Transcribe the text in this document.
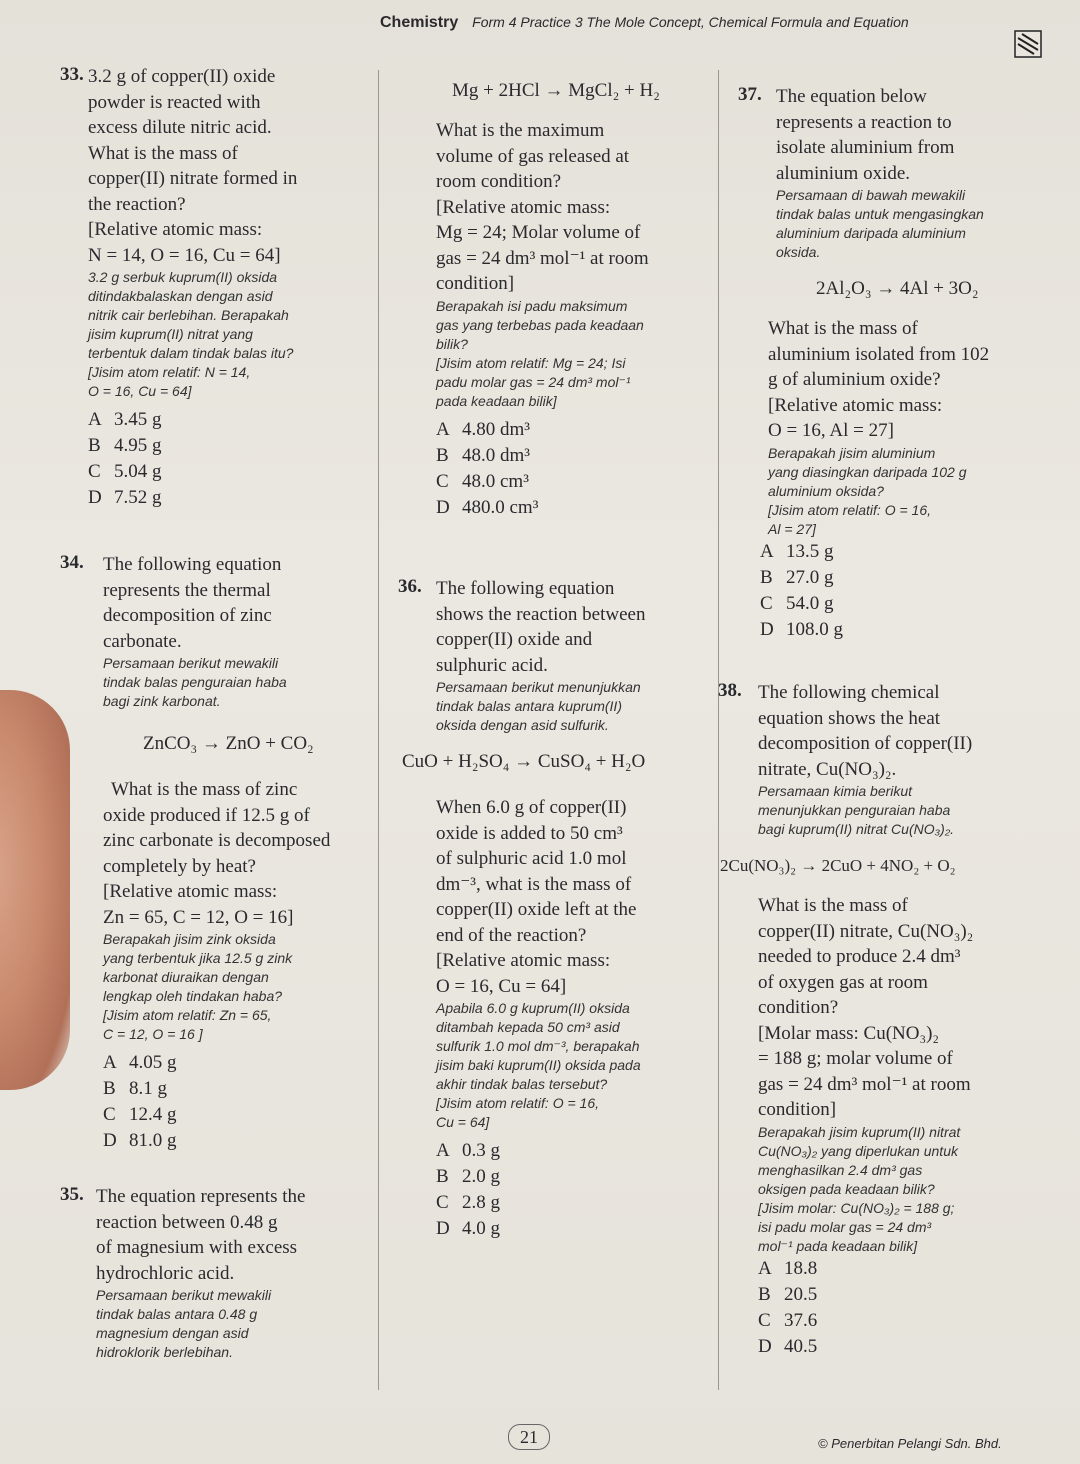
Chemistry Form 4 Practice 3 The Mole Concept, Chemical Formula and Equation
33. 3.2 g of copper(II) oxide

powder is reacted with

excess dilute nitric acid.

What is the mass of

copper(II) nitrate formed in

the reaction?

[Relative atomic mass:

N = 14, O = 16, Cu = 64]

3.2 g serbuk kuprum(II) oksida

ditindakbalaskan dengan asid

nitrik cair berlebihan. Berapakah

jisim kuprum(II) nitrat yang

terbentuk dalam tindak balas itu?

[Jisim atom relatif: N = 14,

O = 16, Cu = 64]

A 3.45 g

B 4.95 g

C 5.04 g

D 7.52 g

34. The following equation

represents the thermal

decomposition of zinc

carbonate.

Persamaan berikut mewakili

tindak balas penguraian haba

bagi zink karbonat.

ZnCO₃ → ZnO + CO₂

What is the mass of zinc

oxide produced if 12.5 g of

zinc carbonate is decomposed

completely by heat?

[Relative atomic mass:

Zn = 65, C = 12, O = 16]

Berapakah jisim zink oksida

yang terbentuk jika 12.5 g zink

karbonat diuraikan dengan

lengkap oleh tindakan haba?

[Jisim atom relatif: Zn = 65,

C = 12, O = 16 ]

A 4.05 g

B 8.1 g

C 12.4 g

D 81.0 g

35. The equation represents the

reaction between 0.48 g

of magnesium with excess

hydrochloric acid.

Persamaan berikut mewakili

tindak balas antara 0.48 g

magnesium dengan asid

hidroklorik berlebihan.

Mg + 2HCl → MgCl₂ + H₂

What is the maximum

volume of gas released at

room condition?

[Relative atomic mass:

Mg = 24; Molar volume of

gas = 24 dm³ mol⁻¹ at room

condition]

Berapakah isi padu maksimum

gas yang terbebas pada keadaan

bilik?

[Jisim atom relatif: Mg = 24; Isi

padu molar gas = 24 dm³ mol⁻¹

pada keadaan bilik]

A 4.80 dm³

B 48.0 dm³

C 48.0 cm³

D 480.0 cm³

36. The following equation

shows the reaction between

copper(II) oxide and

sulphuric acid.

Persamaan berikut menunjukkan

tindak balas antara kuprum(II)

oksida dengan asid sulfurik.

CuO + H₂SO₄ → CuSO₄ + H₂O

When 6.0 g of copper(II)

oxide is added to 50 cm³

of sulphuric acid 1.0 mol

dm⁻³, what is the mass of

copper(II) oxide left at the

end of the reaction?

[Relative atomic mass:

O = 16, Cu = 64]

Apabila 6.0 g kuprum(II) oksida

ditambah kepada 50 cm³ asid

sulfurik 1.0 mol dm⁻³, berapakah

jisim baki kuprum(II) oksida pada

akhir tindak balas tersebut?

[Jisim atom relatif: O = 16,

Cu = 64]

A 0.3 g

B 2.0 g

C 2.8 g

D 4.0 g

37. The equation below

represents a reaction to

isolate aluminium from

aluminium oxide.

Persamaan di bawah mewakili

tindak balas untuk mengasingkan

aluminium daripada aluminium

oksida.

2Al₂O₃ → 4Al + 3O₂

What is the mass of

aluminium isolated from 102

g of aluminium oxide?

[Relative atomic mass:

O = 16, Al = 27]

Berapakah jisim aluminium

yang diasingkan daripada 102 g

aluminium oksida?

[Jisim atom relatif: O = 16,

Al = 27]

A 13.5 g

B 27.0 g

C 54.0 g

D 108.0 g

38. The following chemical

equation shows the heat

decomposition of copper(II)

nitrate, Cu(NO₃)₂.

Persamaan kimia berikut

menunjukkan penguraian haba

bagi kuprum(II) nitrat Cu(NO₃)₂.

2Cu(NO₃)₂ → 2CuO + 4NO₂ + O₂

What is the mass of

copper(II) nitrate, Cu(NO₃)₂

needed to produce 2.4 dm³

of oxygen gas at room

condition?

[Molar mass: Cu(NO₃)₂

= 188 g; molar volume of

gas = 24 dm³ mol⁻¹ at room

condition]

Berapakah jisim kuprum(II) nitrat

Cu(NO₃)₂ yang diperlukan untuk

menghasilkan 2.4 dm³ gas

oksigen pada keadaan bilik?

[Jisim molar: Cu(NO₃)₂ = 188 g;

isi padu molar gas = 24 dm³

mol⁻¹ pada keadaan bilik]

A 18.8

B 20.5

C 37.6

D 40.5

21	© Penerbitan Pelangi Sdn. Bhd.
